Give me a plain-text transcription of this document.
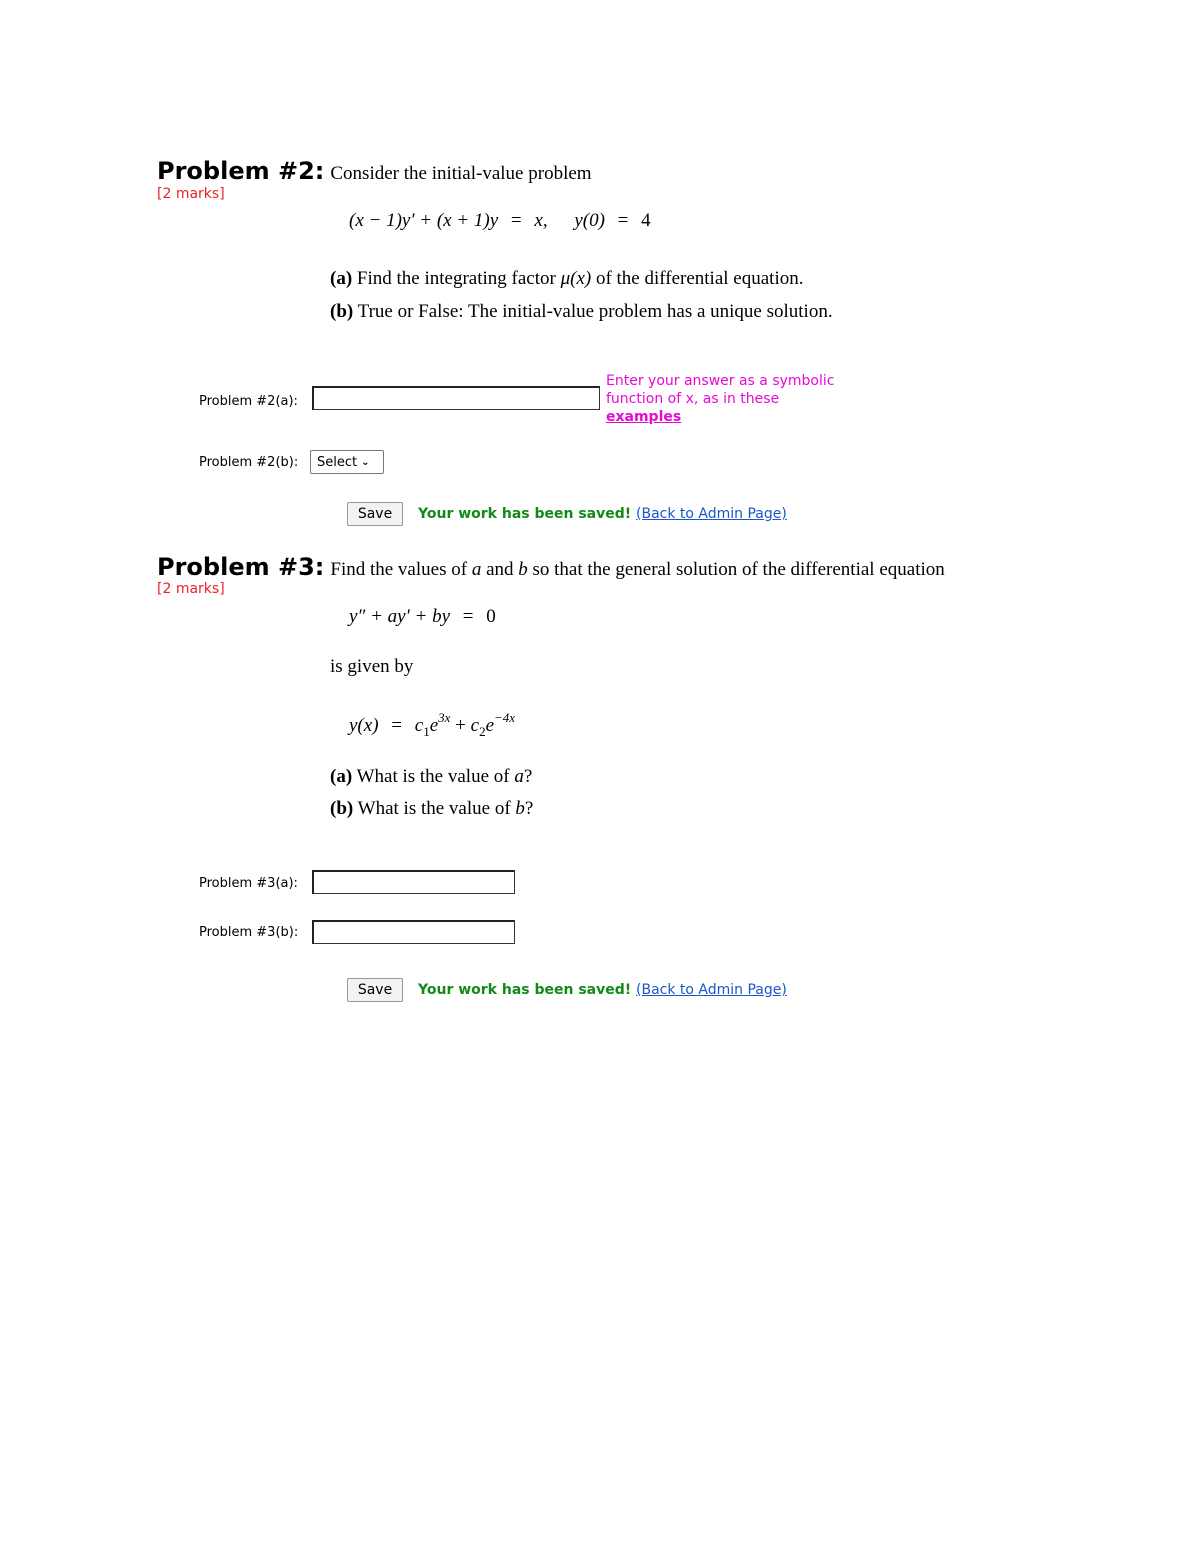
Problem #2: Consider the initial-value problem
[2 marks]
(x − 1)y′ + (x + 1)y = x, y(0) = 4
(a) Find the integrating factor μ(x) of the differential equation.
(b) True or False: The initial-value problem has a unique solution.
Problem #2(a):
Enter your answer as a symbolic function of x, as in these
examples
Problem #2(b): Select ⌄
Save	Your work has been saved! (Back to Admin Page)
Problem #3: Find the values of a and b so that the general solution of the differential equation
[2 marks]
y″ + ay′ + by = 0
is given by
$y(x) = c_1e^{3x} + c_2e^{-4x}$
(a) What is the value of a?
(b) What is the value of b?
Problem #3(a):
Problem #3(b):
Save	Your work has been saved! (Back to Admin Page)
